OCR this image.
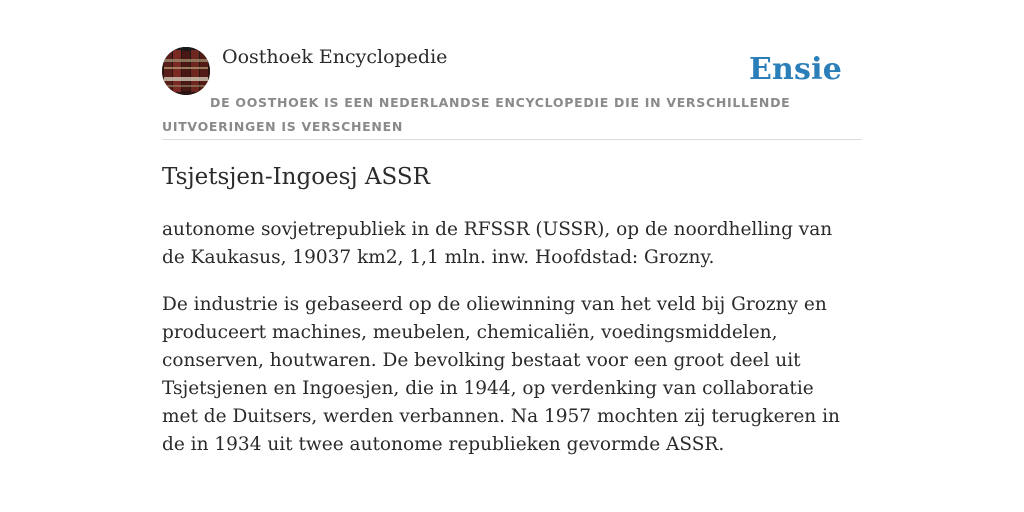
Oosthoek Encyclopedie	Ensie
DE OOSTHOEK IS EEN NEDERLANDSE ENCYCLOPEDIE DIE IN VERSCHILLENDE UITVOERINGEN IS VERSCHENEN
Tsjetsjen-Ingoesj ASSR

autonome sovjetrepubliek in de RFSSR (USSR), op de noordhelling van de Kaukasus, 19037 km2, 1,1 mln. inw. Hoofdstad: Grozny.

De industrie is gebaseerd op de oliewinning van het veld bij Grozny en produceert machines, meubelen, chemicaliën, voedingsmiddelen, conserven, houtwaren. De bevolking bestaat voor een groot deel uit Tsjetsjenen en Ingoesjen, die in 1944, op verdenking van collaboratie met de Duitsers, werden verbannen. Na 1957 mochten zij terugkeren in de in 1934 uit twee autonome republieken gevormde ASSR.
